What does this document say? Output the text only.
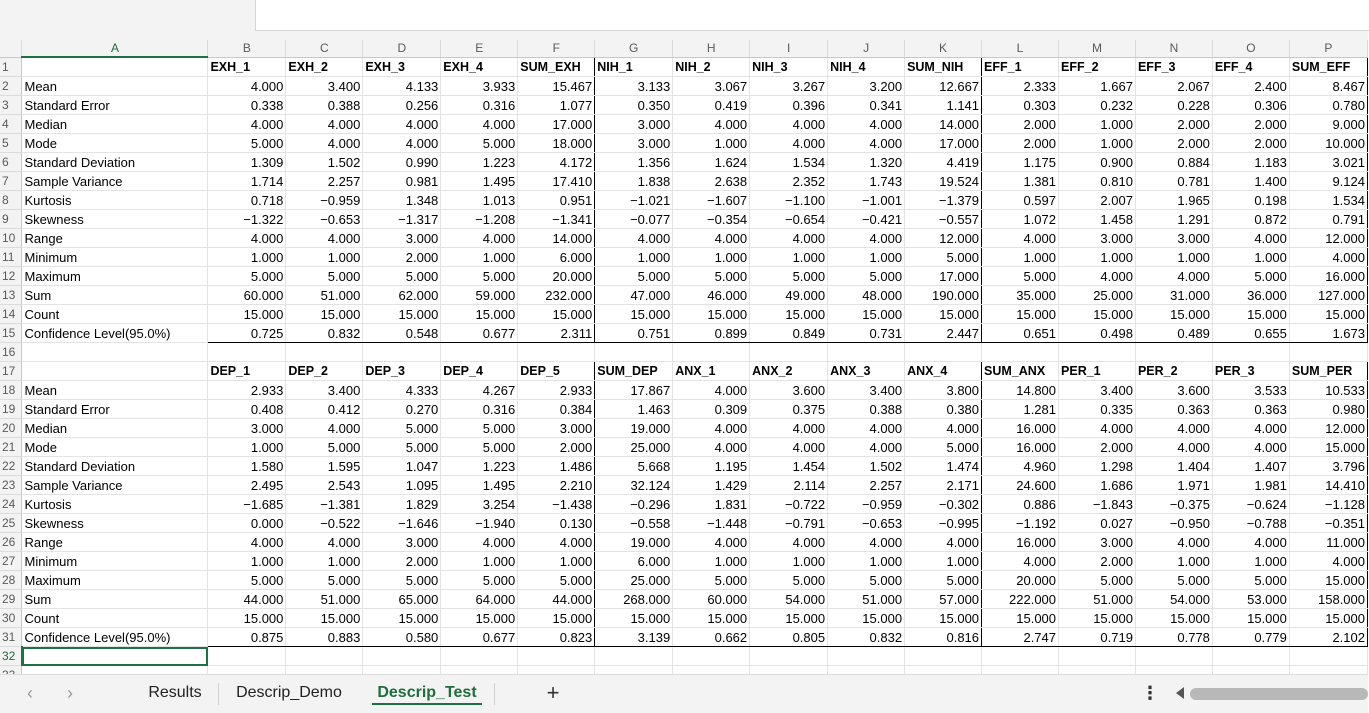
	A	B	C	D	E	F	G	H	I	J	K	L	M	N	O	P
1		EXH_1	EXH_2	EXH_3	EXH_4	SUM_EXH	NIH_1	NIH_2	NIH_3	NIH_4	SUM_NIH	EFF_1	EFF_2	EFF_3	EFF_4	SUM_EFF
2	Mean	4.000	3.400	4.133	3.933	15.467	3.133	3.067	3.267	3.200	12.667	2.333	1.667	2.067	2.400	8.467
3	Standard Error	0.338	0.388	0.256	0.316	1.077	0.350	0.419	0.396	0.341	1.141	0.303	0.232	0.228	0.306	0.780
4	Median	4.000	4.000	4.000	4.000	17.000	3.000	4.000	4.000	4.000	14.000	2.000	1.000	2.000	2.000	9.000
5	Mode	5.000	4.000	4.000	5.000	18.000	3.000	1.000	4.000	4.000	17.000	2.000	1.000	2.000	2.000	10.000
6	Standard Deviation	1.309	1.502	0.990	1.223	4.172	1.356	1.624	1.534	1.320	4.419	1.175	0.900	0.884	1.183	3.021
7	Sample Variance	1.714	2.257	0.981	1.495	17.410	1.838	2.638	2.352	1.743	19.524	1.381	0.810	0.781	1.400	9.124
8	Kurtosis	0.718	−0.959	1.348	1.013	0.951	−1.021	−1.607	−1.100	−1.001	−1.379	0.597	2.007	1.965	0.198	1.534
9	Skewness	−1.322	−0.653	−1.317	−1.208	−1.341	−0.077	−0.354	−0.654	−0.421	−0.557	1.072	1.458	1.291	0.872	0.791
10	Range	4.000	4.000	3.000	4.000	14.000	4.000	4.000	4.000	4.000	12.000	4.000	3.000	3.000	4.000	12.000
11	Minimum	1.000	1.000	2.000	1.000	6.000	1.000	1.000	1.000	1.000	5.000	1.000	1.000	1.000	1.000	4.000
12	Maximum	5.000	5.000	5.000	5.000	20.000	5.000	5.000	5.000	5.000	17.000	5.000	4.000	4.000	5.000	16.000
13	Sum	60.000	51.000	62.000	59.000	232.000	47.000	46.000	49.000	48.000	190.000	35.000	25.000	31.000	36.000	127.000
14	Count	15.000	15.000	15.000	15.000	15.000	15.000	15.000	15.000	15.000	15.000	15.000	15.000	15.000	15.000	15.000
15	Confidence Level(95.0%)	0.725	0.832	0.548	0.677	2.311	0.751	0.899	0.849	0.731	2.447	0.651	0.498	0.489	0.655	1.673
16																
17		DEP_1	DEP_2	DEP_3	DEP_4	DEP_5	SUM_DEP	ANX_1	ANX_2	ANX_3	ANX_4	SUM_ANX	PER_1	PER_2	PER_3	SUM_PER
18	Mean	2.933	3.400	4.333	4.267	2.933	17.867	4.000	3.600	3.400	3.800	14.800	3.400	3.600	3.533	10.533
19	Standard Error	0.408	0.412	0.270	0.316	0.384	1.463	0.309	0.375	0.388	0.380	1.281	0.335	0.363	0.363	0.980
20	Median	3.000	4.000	5.000	5.000	3.000	19.000	4.000	4.000	4.000	4.000	16.000	4.000	4.000	4.000	12.000
21	Mode	1.000	5.000	5.000	5.000	2.000	25.000	4.000	4.000	4.000	5.000	16.000	2.000	4.000	4.000	15.000
22	Standard Deviation	1.580	1.595	1.047	1.223	1.486	5.668	1.195	1.454	1.502	1.474	4.960	1.298	1.404	1.407	3.796
23	Sample Variance	2.495	2.543	1.095	1.495	2.210	32.124	1.429	2.114	2.257	2.171	24.600	1.686	1.971	1.981	14.410
24	Kurtosis	−1.685	−1.381	1.829	3.254	−1.438	−0.296	1.831	−0.722	−0.959	−0.302	0.886	−1.843	−0.375	−0.624	−1.128
25	Skewness	0.000	−0.522	−1.646	−1.940	0.130	−0.558	−1.448	−0.791	−0.653	−0.995	−1.192	0.027	−0.950	−0.788	−0.351
26	Range	4.000	4.000	3.000	4.000	4.000	19.000	4.000	4.000	4.000	4.000	16.000	3.000	4.000	4.000	11.000
27	Minimum	1.000	1.000	2.000	1.000	1.000	6.000	1.000	1.000	1.000	1.000	4.000	2.000	1.000	1.000	4.000
28	Maximum	5.000	5.000	5.000	5.000	5.000	25.000	5.000	5.000	5.000	5.000	20.000	5.000	5.000	5.000	15.000
29	Sum	44.000	51.000	65.000	64.000	44.000	268.000	60.000	54.000	51.000	57.000	222.000	51.000	54.000	53.000	158.000
30	Count	15.000	15.000	15.000	15.000	15.000	15.000	15.000	15.000	15.000	15.000	15.000	15.000	15.000	15.000	15.000
31	Confidence Level(95.0%)	0.875	0.883	0.580	0.677	0.823	3.139	0.662	0.805	0.832	0.816	2.747	0.719	0.778	0.779	2.102
32																

‹	›	Results	Descrip_Demo	Descrip_Test	+	⋮
